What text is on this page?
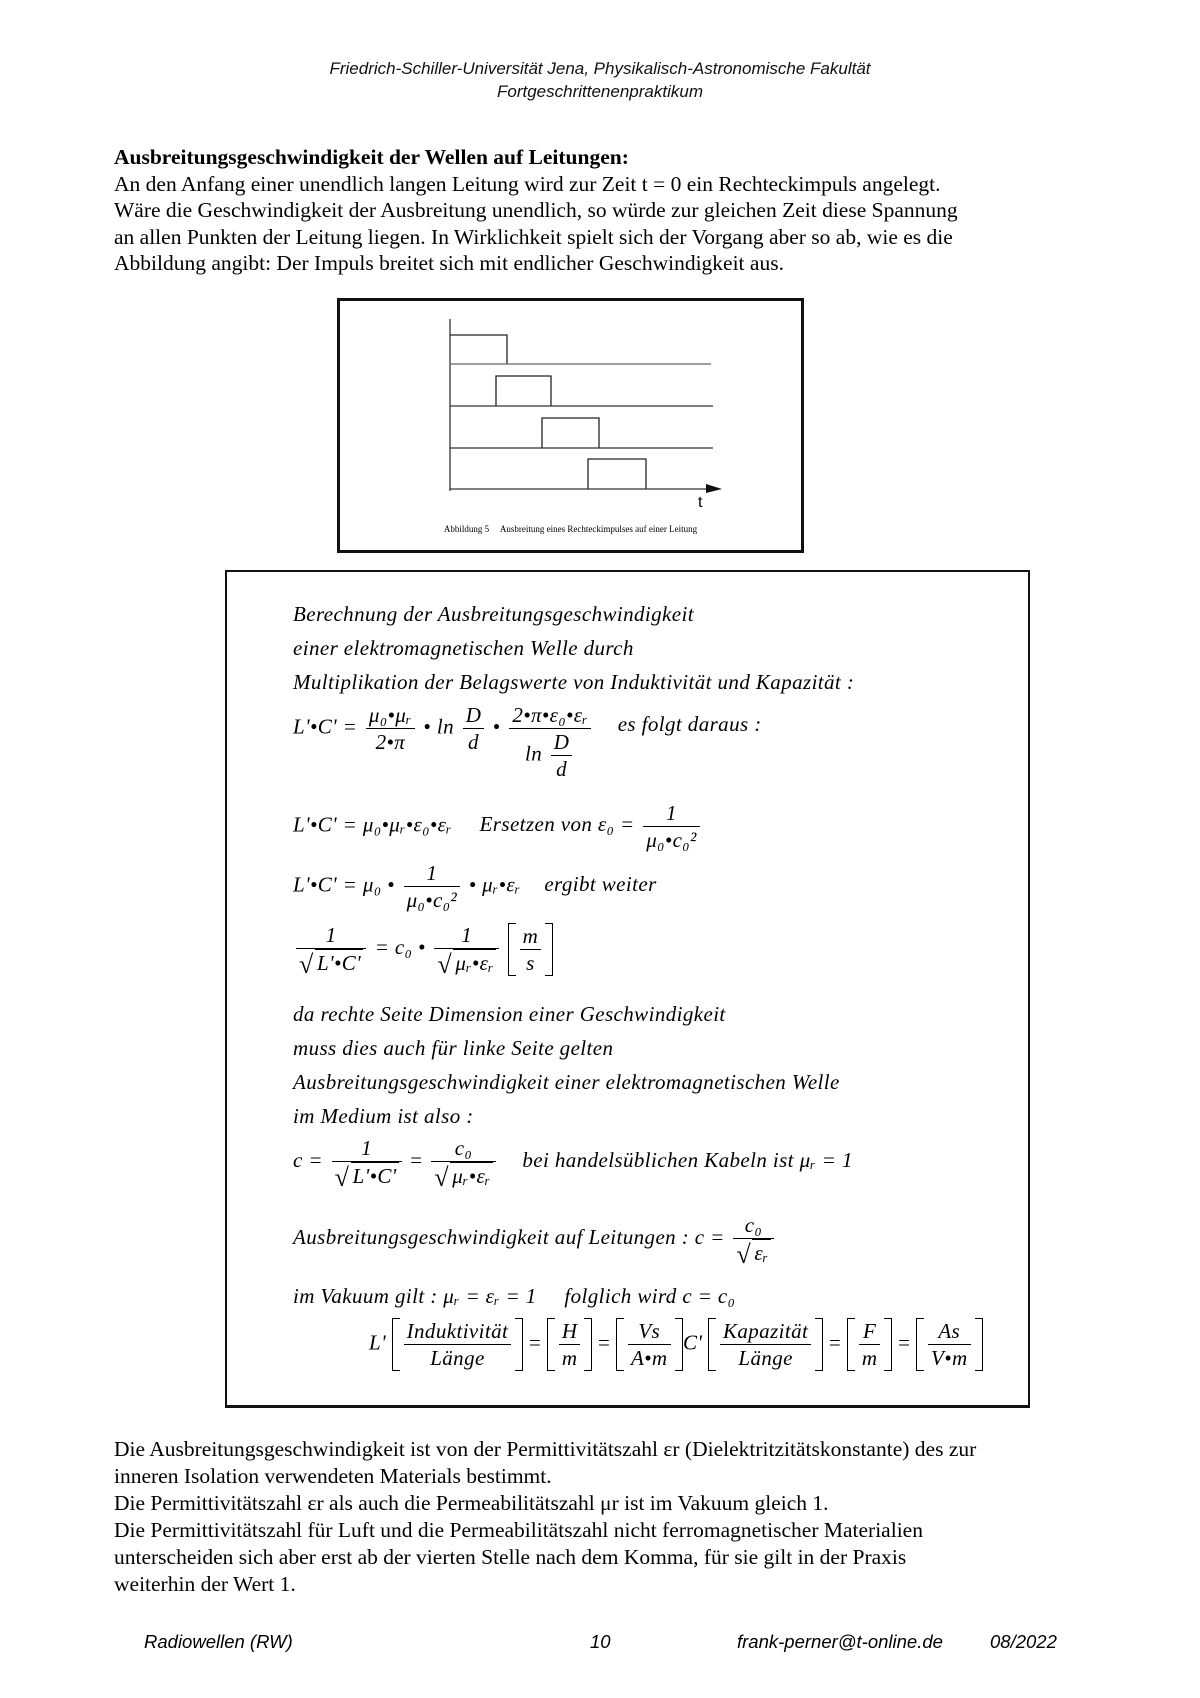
Friedrich-Schiller-Universität Jena, Physikalisch-Astronomische Fakultät
Fortgeschrittenenpraktikum
Ausbreitungsgeschwindigkeit der Wellen auf Leitungen:
An den Anfang einer unendlich langen Leitung wird zur Zeit t = 0 ein Rechteckimpuls angelegt.
Wäre die Geschwindigkeit der Ausbreitung unendlich, so würde zur gleichen Zeit diese Spannung
an allen Punkten der Leitung liegen. In Wirklichkeit spielt sich der Vorgang aber so ab, wie es die
Abbildung angibt: Der Impuls breitet sich mit endlicher Geschwindigkeit aus.
t
Abbildung 5 Ausbreitung eines Rechteckimpulses auf einer Leitung
Berechnung der Ausbreitungsgeschwindigkeit
einer elektromagnetischen Welle durch
Multiplikation der Belagswerte von Induktivität und Kapazität :
L'•C' = $\frac{\text{μ₀•μᵣ}}{2•\pi}$ • $\ln \frac{D}{d}$ • $\frac{\text{2•π•ε₀•εᵣ}}{\ln \frac{D}{d}}$ es folgt daraus :
L'•C' = μ₀•μᵣ•ε₀•εᵣ Ersetzen von $\varepsilon_0 = \frac{1}{\text{μ₀•c₀²}}$
L'•C' = μ₀ • $\frac{1}{\text{μ₀•c₀²}}$ • μᵣ•εᵣ ergibt weiter
1
√ L'•C' = c₀ • 1
√ μᵣ•εᵣ
$\frac{m}{s}$
da rechte Seite Dimension einer Geschwindigkeit
muss dies auch für linke Seite gelten
Ausbreitungsgeschwindigkeit einer elektromagnetischen Welle
im Medium ist also :
c = 1
√ L'•C' = c₀
√ μᵣ•εᵣ bei handelsüblichen Kabeln ist μᵣ = 1
Ausbreitungsgeschwindigkeit auf Leitungen : c = c₀
√ εᵣ
im Vakuum gilt : μᵣ = εᵣ = 1 folglich wird c = c₀
$L' \frac{\text{Induktivität}}{\text{Länge}} = \frac{H}{m} = \frac{Vs}{A•m} C' \frac{\text{Kapazität}}{\text{Länge}} = \frac{F}{m} = \frac{As}{V•m}$
Die Ausbreitungsgeschwindigkeit ist von der Permittivitätszahl εr (Dielektritzitätskonstante) des zur
inneren Isolation verwendeten Materials bestimmt.
Die Permittivitätszahl εr als auch die Permeabilitätszahl μr ist im Vakuum gleich 1.
Die Permittivitätszahl für Luft und die Permeabilitätszahl nicht ferromagnetischer Materialien
unterscheiden sich aber erst ab der vierten Stelle nach dem Komma, für sie gilt in der Praxis
weiterhin der Wert 1.
Radiowellen (RW)	10	frank-perner@t-online.de	08/2022
